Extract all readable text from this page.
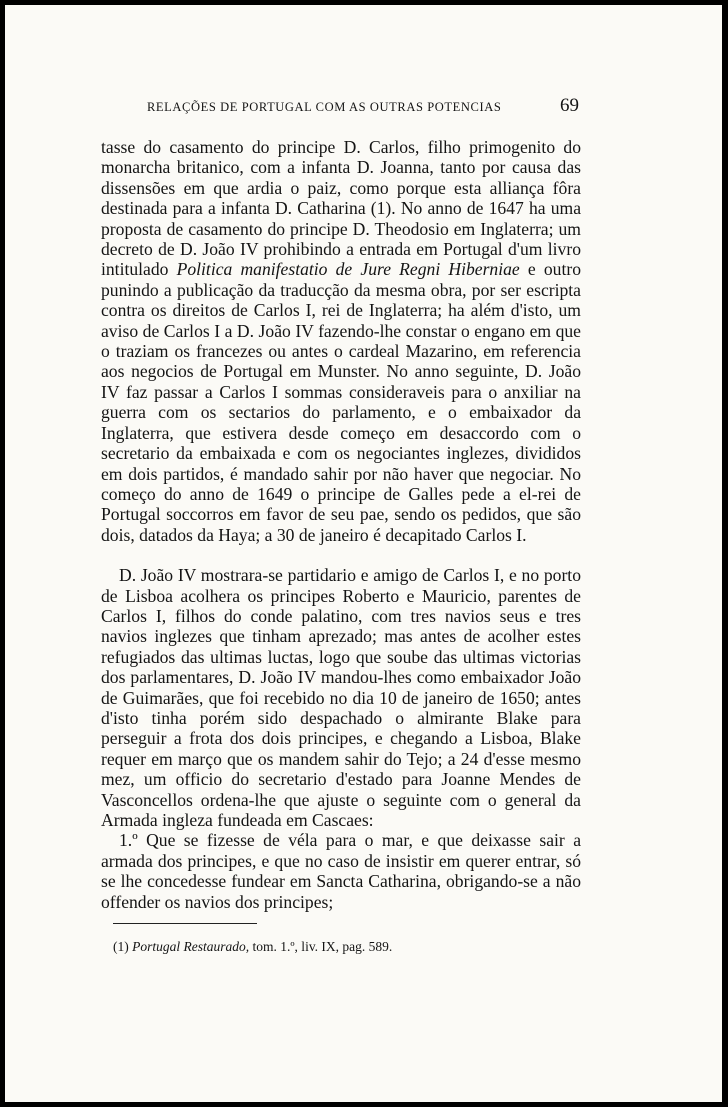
RELAÇÕES DE PORTUGAL COM AS OUTRAS POTENCIAS	69

tasse do casamento do principe D. Carlos, filho primogenito do monarcha britanico, com a infanta D. Joanna, tanto por causa das dissensões em que ardia o paiz, como porque esta alliança fôra destinada para a infanta D. Catharina (1). No anno de 1647 ha uma proposta de casamento do principe D. Theodosio em Inglaterra; um decreto de D. João IV prohibindo a entrada em Portugal d'um livro intitulado Politica manifestatio de Jure Regni Hiberniae e outro punindo a publicação da traducção da mesma obra, por ser escripta contra os direitos de Carlos I, rei de Inglaterra; ha além d'isto, um aviso de Carlos I a D. João IV fazendo-lhe constar o engano em que o traziam os francezes ou antes o cardeal Mazarino, em referencia aos negocios de Portugal em Munster. No anno seguinte, D. João IV faz passar a Carlos I sommas consideraveis para o anxiliar na guerra com os sectarios do parlamento, e o embaixador da Inglaterra, que estivera desde começo em desaccordo com o secretario da embaixada e com os negociantes inglezes, divididos em dois partidos, é mandado sahir por não haver que negociar. No começo do anno de 1649 o principe de Galles pede a el-rei de Portugal soccorros em favor de seu pae, sendo os pedidos, que são dois, datados da Haya; a 30 de janeiro é decapitado Carlos I.

D. João IV mostrara-se partidario e amigo de Carlos I, e no porto de Lisboa acolhera os principes Roberto e Mauricio, parentes de Carlos I, filhos do conde palatino, com tres navios seus e tres navios inglezes que tinham aprezado; mas antes de acolher estes refugiados das ultimas luctas, logo que soube das ultimas victorias dos parlamentares, D. João IV mandou-lhes como embaixador João de Guimarães, que foi recebido no dia 10 de janeiro de 1650; antes d'isto tinha porém sido despachado o almirante Blake para perseguir a frota dos dois principes, e chegando a Lisboa, Blake requer em março que os mandem sahir do Tejo; a 24 d'esse mesmo mez, um officio do secretario d'estado para Joanne Mendes de Vasconcellos ordena-lhe que ajuste o seguinte com o general da Armada ingleza fundeada em Cascaes:

1.º Que se fizesse de véla para o mar, e que deixasse sair a armada dos principes, e que no caso de insistir em querer entrar, só se lhe concedesse fundear em Sancta Catharina, obrigando-se a não offender os navios dos principes;

(1) Portugal Restaurado, tom. 1.º, liv. IX, pag. 589.
